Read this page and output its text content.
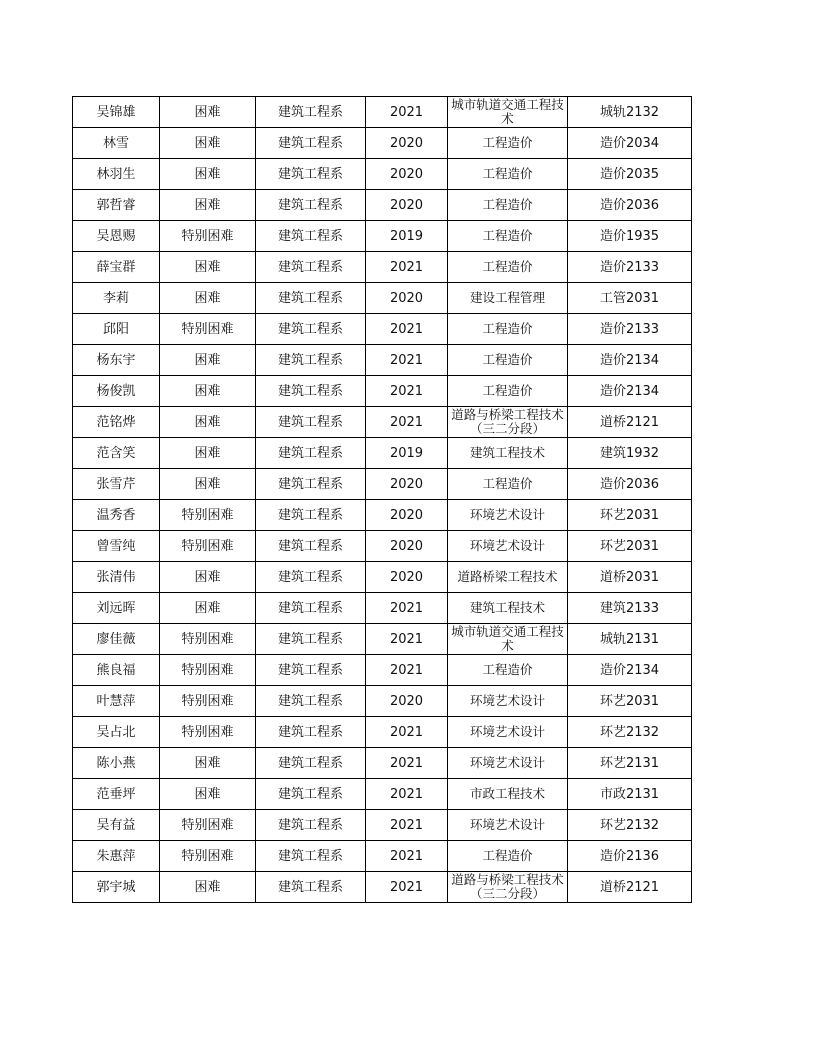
吴锦雄	困难	建筑工程系	2021	城市轨道交通工程技术	城轨2132
林雪	困难	建筑工程系	2020	工程造价	造价2034
林羽生	困难	建筑工程系	2020	工程造价	造价2035
郭哲睿	困难	建筑工程系	2020	工程造价	造价2036
吴恩赐	特别困难	建筑工程系	2019	工程造价	造价1935
薛宝群	困难	建筑工程系	2021	工程造价	造价2133
李莉	困难	建筑工程系	2020	建设工程管理	工管2031
邱阳	特别困难	建筑工程系	2021	工程造价	造价2133
杨东宇	困难	建筑工程系	2021	工程造价	造价2134
杨俊凯	困难	建筑工程系	2021	工程造价	造价2134
范铭烨	困难	建筑工程系	2021	道路与桥梁工程技术（三二分段）	道桥2121
范含笑	困难	建筑工程系	2019	建筑工程技术	建筑1932
张雪芹	困难	建筑工程系	2020	工程造价	造价2036
温秀香	特别困难	建筑工程系	2020	环境艺术设计	环艺2031
曾雪纯	特别困难	建筑工程系	2020	环境艺术设计	环艺2031
张清伟	困难	建筑工程系	2020	道路桥梁工程技术	道桥2031
刘远晖	困难	建筑工程系	2021	建筑工程技术	建筑2133
廖佳薇	特别困难	建筑工程系	2021	城市轨道交通工程技术	城轨2131
熊良福	特别困难	建筑工程系	2021	工程造价	造价2134
叶慧萍	特别困难	建筑工程系	2020	环境艺术设计	环艺2031
吴占北	特别困难	建筑工程系	2021	环境艺术设计	环艺2132
陈小燕	困难	建筑工程系	2021	环境艺术设计	环艺2131
范垂坪	困难	建筑工程系	2021	市政工程技术	市政2131
吴有益	特别困难	建筑工程系	2021	环境艺术设计	环艺2132
朱惠萍	特别困难	建筑工程系	2021	工程造价	造价2136
郭宇城	困难	建筑工程系	2021	道路与桥梁工程技术（三二分段）	道桥2121
